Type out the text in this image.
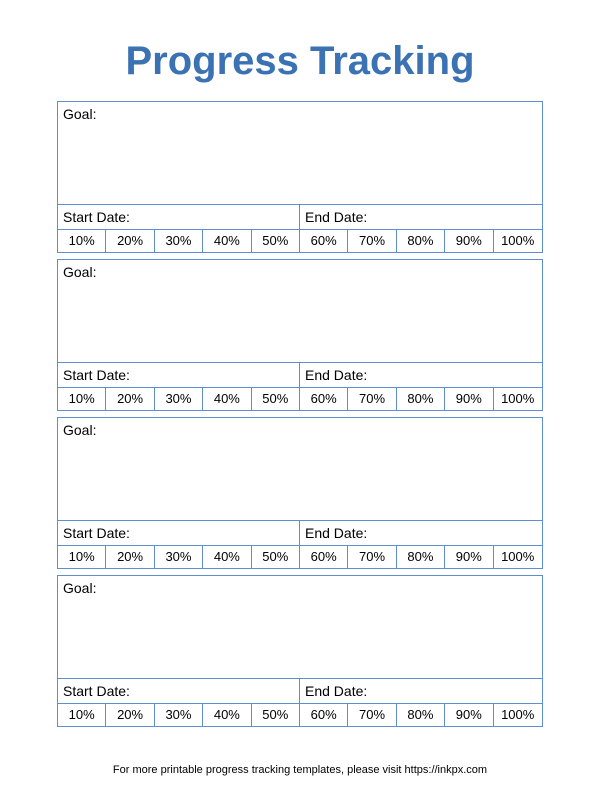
Progress Tracking
Goal:
Start Date:	End Date:
10%	20%	30%	40%	50%	60%	70%	80%	90%	100%
Goal:
Start Date:	End Date:
10%	20%	30%	40%	50%	60%	70%	80%	90%	100%
Goal:
Start Date:	End Date:
10%	20%	30%	40%	50%	60%	70%	80%	90%	100%
Goal:
Start Date:	End Date:
10%	20%	30%	40%	50%	60%	70%	80%	90%	100%
For more printable progress tracking templates, please visit https://inkpx.com
